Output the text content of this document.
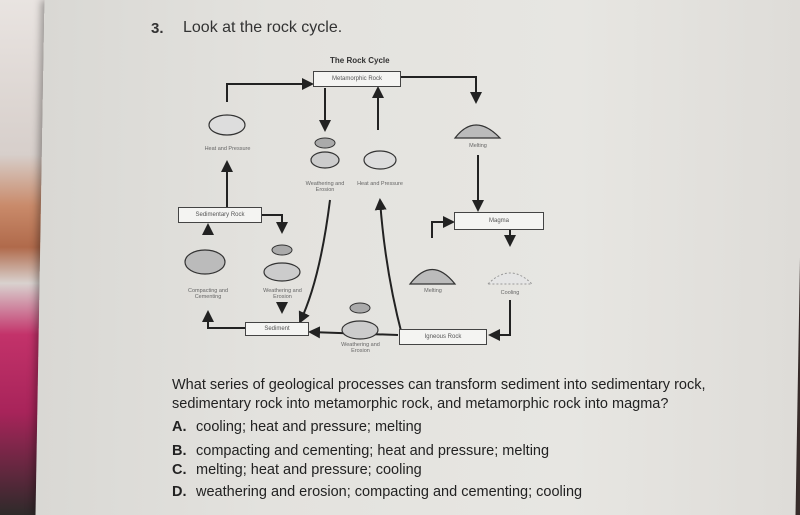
3. Look at the rock cycle.
The Rock Cycle
Metamorphic Rock
Sedimentary Rock
Magma
Sediment
Igneous Rock
Heat and Pressure
Weathering and Erosion
Heat and Pressure
Melting
Compacting and Cementing
Weathering and Erosion
Melting	Cooling
Weathering and Erosion
What series of geological processes can transform sediment into sedimentary rock,
sedimentary rock into metamorphic rock, and metamorphic rock into magma?
A. cooling; heat and pressure; melting
B. compacting and cementing; heat and pressure; melting
C. melting; heat and pressure; cooling
D. weathering and erosion; compacting and cementing; cooling
